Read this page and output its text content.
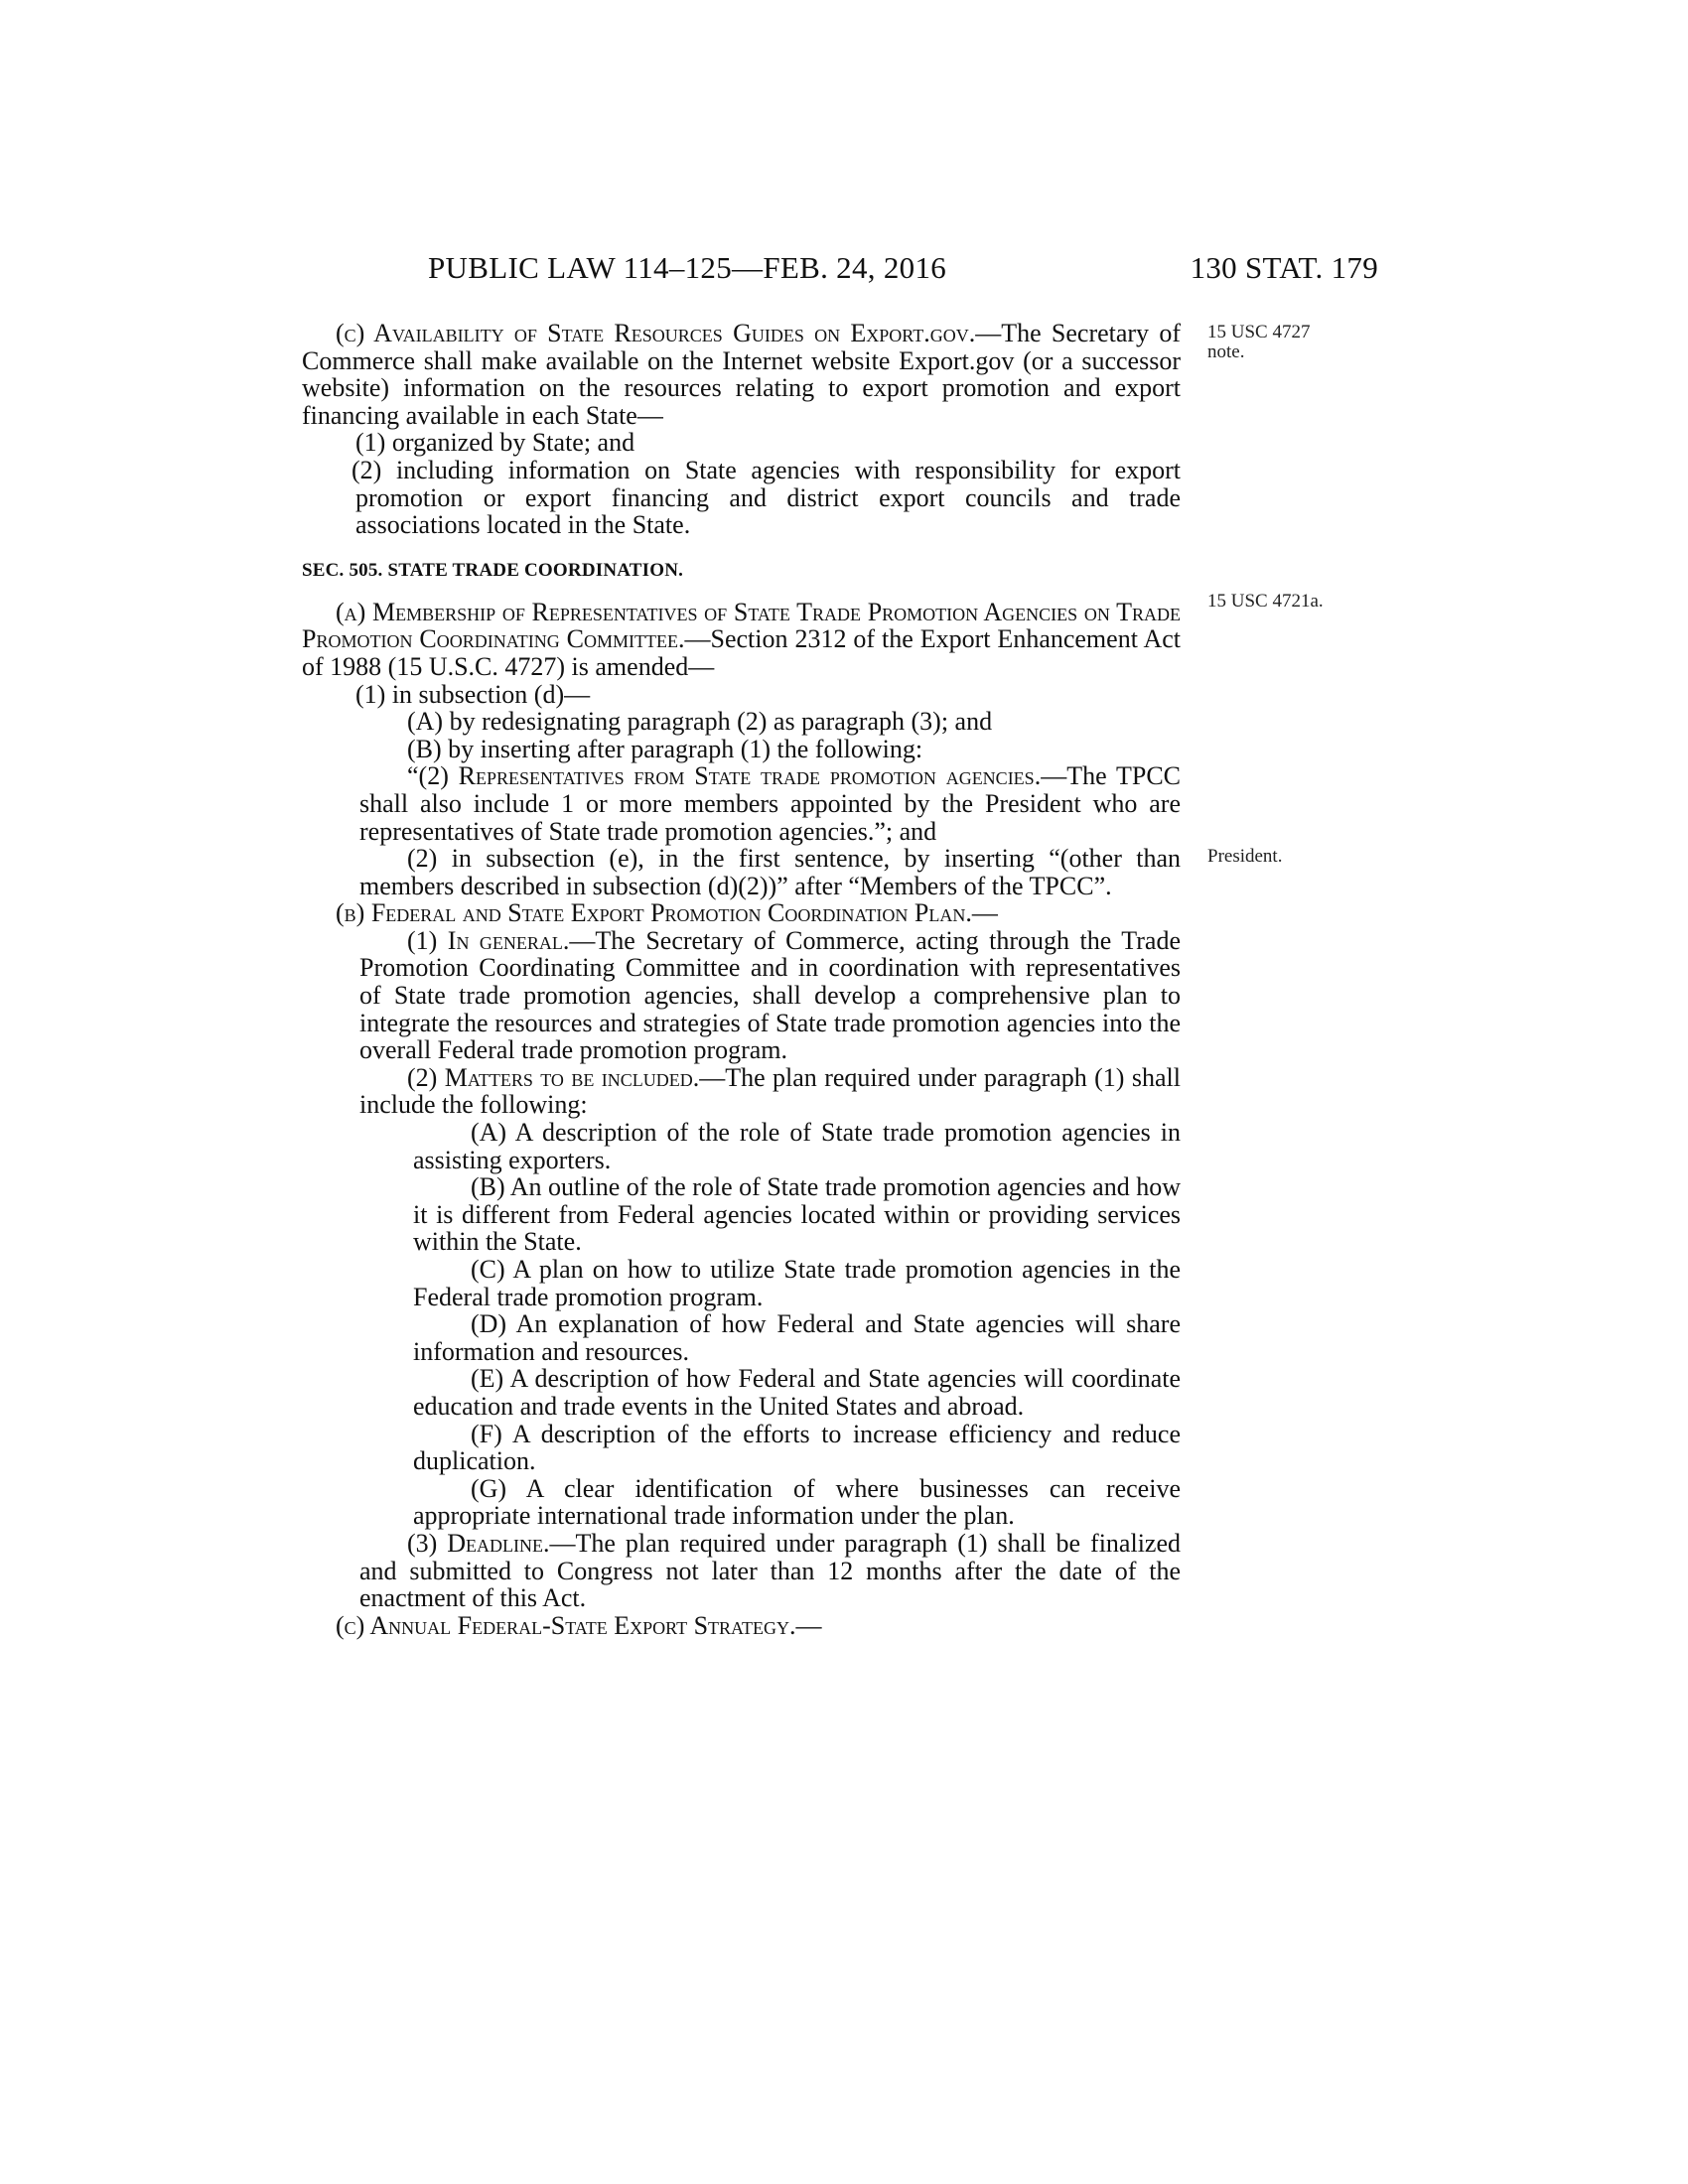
PUBLIC LAW 114–125—FEB. 24, 2016	130 STAT. 179
15 USC 4727
note.
15 USC 4721a.
President.

(c) Availability of State Resources Guides on Export.gov.—The Secretary of Commerce shall make available on the Internet website Export.gov (or a successor website) information on the resources relating to export promotion and export financing available in each State—

(1) organized by State; and

(2) including information on State agencies with responsibility for export promotion or export financing and district export councils and trade associations located in the State.

SEC. 505. STATE TRADE COORDINATION.

(a) Membership of Representatives of State Trade Promotion Agencies on Trade Promotion Coordinating Committee.—Section 2312 of the Export Enhancement Act of 1988 (15 U.S.C. 4727) is amended—

(1) in subsection (d)—

(A) by redesignating paragraph (2) as paragraph (3); and

(B) by inserting after paragraph (1) the following:

“(2) Representatives from State trade promotion agencies.—The TPCC shall also include 1 or more members appointed by the President who are representatives of State trade promotion agencies.”; and

(2) in subsection (e), in the first sentence, by inserting “(other than members described in subsection (d)(2))” after “Members of the TPCC”.

(b) Federal and State Export Promotion Coordination Plan.—

(1) In general.—The Secretary of Commerce, acting through the Trade Promotion Coordinating Committee and in coordination with representatives of State trade promotion agencies, shall develop a comprehensive plan to integrate the resources and strategies of State trade promotion agencies into the overall Federal trade promotion program.

(2) Matters to be included.—The plan required under paragraph (1) shall include the following:

(A) A description of the role of State trade promotion agencies in assisting exporters.

(B) An outline of the role of State trade promotion agencies and how it is different from Federal agencies located within or providing services within the State.

(C) A plan on how to utilize State trade promotion agencies in the Federal trade promotion program.

(D) An explanation of how Federal and State agencies will share information and resources.

(E) A description of how Federal and State agencies will coordinate education and trade events in the United States and abroad.

(F) A description of the efforts to increase efficiency and reduce duplication.

(G) A clear identification of where businesses can receive appropriate international trade information under the plan.

(3) Deadline.—The plan required under paragraph (1) shall be finalized and submitted to Congress not later than 12 months after the date of the enactment of this Act.

(c) Annual Federal-State Export Strategy.—
